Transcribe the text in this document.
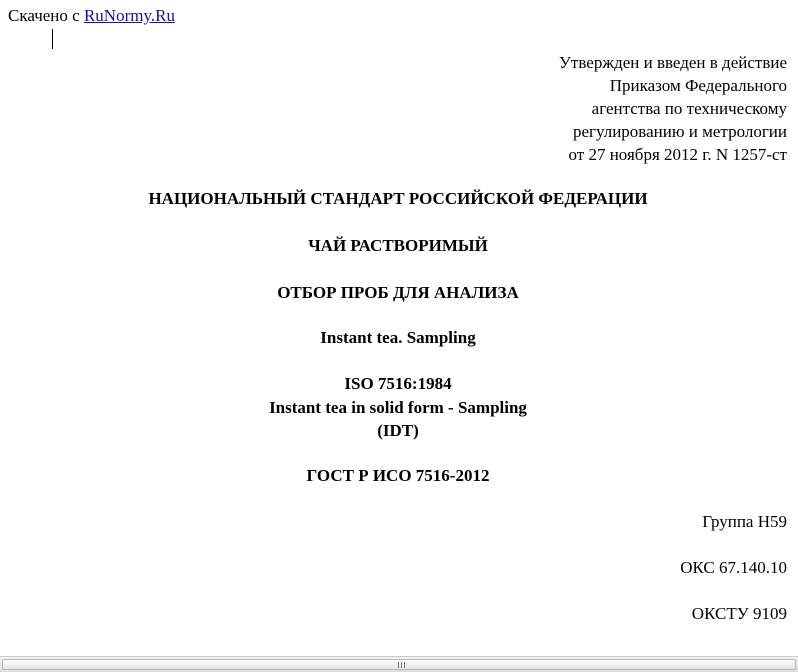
Скачено с RuNormy.Ru
Утвержден и введен в действие
Приказом Федерального
агентства по техническому
регулированию и метрологии
от 27 ноября 2012 г. N 1257-ст
НАЦИОНАЛЬНЫЙ СТАНДАРТ РОССИЙСКОЙ ФЕДЕРАЦИИ
ЧАЙ РАСТВОРИМЫЙ
ОТБОР ПРОБ ДЛЯ АНАЛИЗА
Instant tea. Sampling
ISO 7516:1984
Instant tea in solid form - Sampling
(IDT)
ГОСТ Р ИСО 7516-2012
Группа Н59
ОКС 67.140.10
ОКСТУ 9109
